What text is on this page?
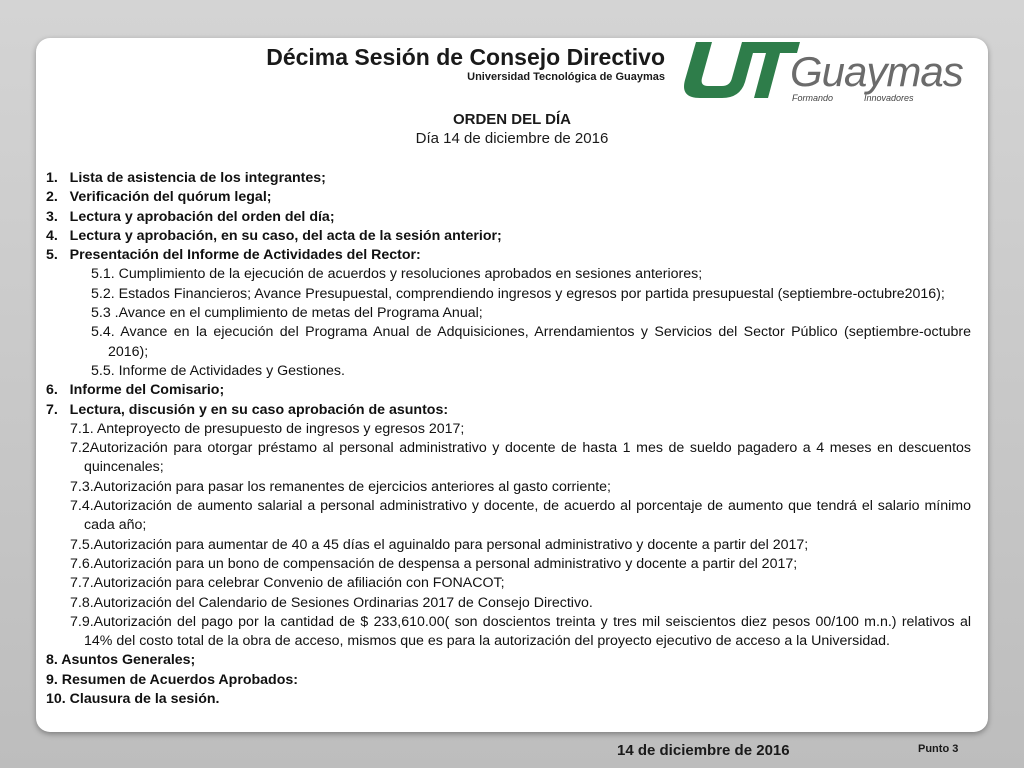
Décima Sesión de Consejo Directivo
Universidad Tecnológica de Guaymas	Guaymas
Formando	Innovadores
ORDEN DEL DÍA
Día 14 de diciembre de 2016
1.   Lista de asistencia de los integrantes;
2.   Verificación del quórum legal;
3.   Lectura y aprobación del orden del día;
4.   Lectura y aprobación, en su caso, del acta de la sesión anterior;
5.   Presentación del Informe de Actividades del Rector:
5.1. Cumplimiento de la ejecución de acuerdos y resoluciones aprobados en sesiones anteriores;
5.2. Estados Financieros; Avance Presupuestal, comprendiendo ingresos y egresos por partida presupuestal (septiembre-octubre2016);
5.3 .Avance en el cumplimiento de metas del Programa Anual;
5.4. Avance en la ejecución del Programa Anual de Adquisiciones, Arrendamientos y Servicios del Sector Público (septiembre-octubre 2016);
5.5. Informe de Actividades y Gestiones.
6.   Informe del Comisario;
7.   Lectura, discusión y en su caso aprobación de asuntos:
7.1. Anteproyecto de presupuesto de ingresos y egresos 2017;
7.2Autorización para otorgar préstamo al personal administrativo y docente de hasta 1 mes de sueldo pagadero a 4 meses en descuentos quincenales;
7.3.Autorización para pasar los remanentes de ejercicios anteriores al gasto corriente;
7.4.Autorización de aumento salarial a personal administrativo y docente, de acuerdo al porcentaje de aumento que tendrá el salario mínimo cada año;
7.5.Autorización para aumentar de 40 a 45 días el aguinaldo para personal administrativo y docente a partir del 2017;
7.6.Autorización para un bono de compensación de despensa a personal administrativo y docente a partir del 2017;
7.7.Autorización para celebrar Convenio de afiliación con FONACOT;
7.8.Autorización del Calendario de Sesiones Ordinarias 2017 de Consejo Directivo.
7.9.Autorización del pago por la cantidad de $ 233,610.00( son doscientos treinta y tres mil seiscientos diez pesos 00/100 m.n.) relativos al 14% del costo total de la obra de acceso, mismos que es para la autorización del proyecto ejecutivo de acceso a la Universidad.
8. Asuntos Generales;
9. Resumen de Acuerdos Aprobados:
10. Clausura de la sesión.
14 de diciembre de 2016	Punto 3
